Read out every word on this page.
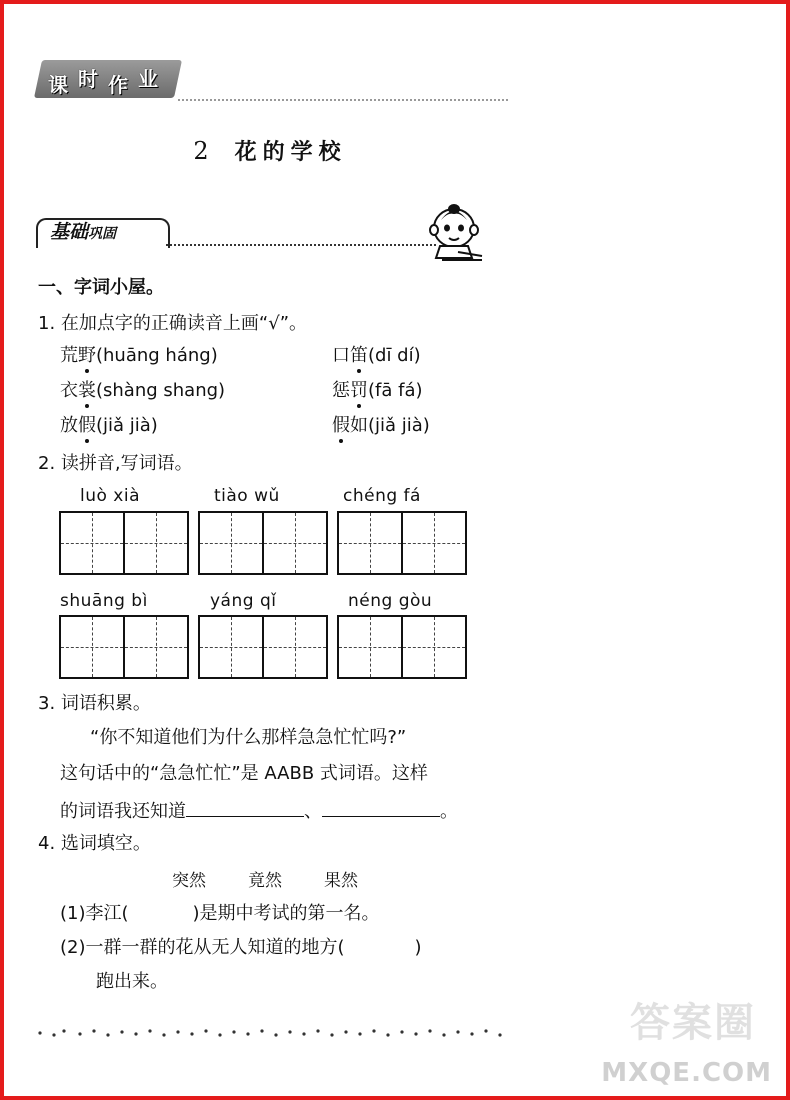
课 时 作 业
2 花的学校
基础巩固
一、字词小屋。
1. 在加点字的正确读音上画“√”。
荒野(huāng háng)	口笛(dī dí)
衣裳(shàng shang)	惩罚(fā fá)
放假(jiǎ jià)	假如(jiǎ jià)
2. 读拼音,写词语。
luò xià	tiào wǔ	chéng fá
shuāng bì	yáng qǐ	néng gòu
3. 词语积累。
“你不知道他们为什么那样急急忙忙吗?”
这句话中的“急急忙忙”是 AABB 式词语。这样
的词语我还知道	、	。
4. 选词填空。
突然 竟然 果然
(1)李江(	)是期中考试的第一名。
(2)一群一群的花从无人知道的地方(	)
跑出来。
答案圈
MXQE.COM
